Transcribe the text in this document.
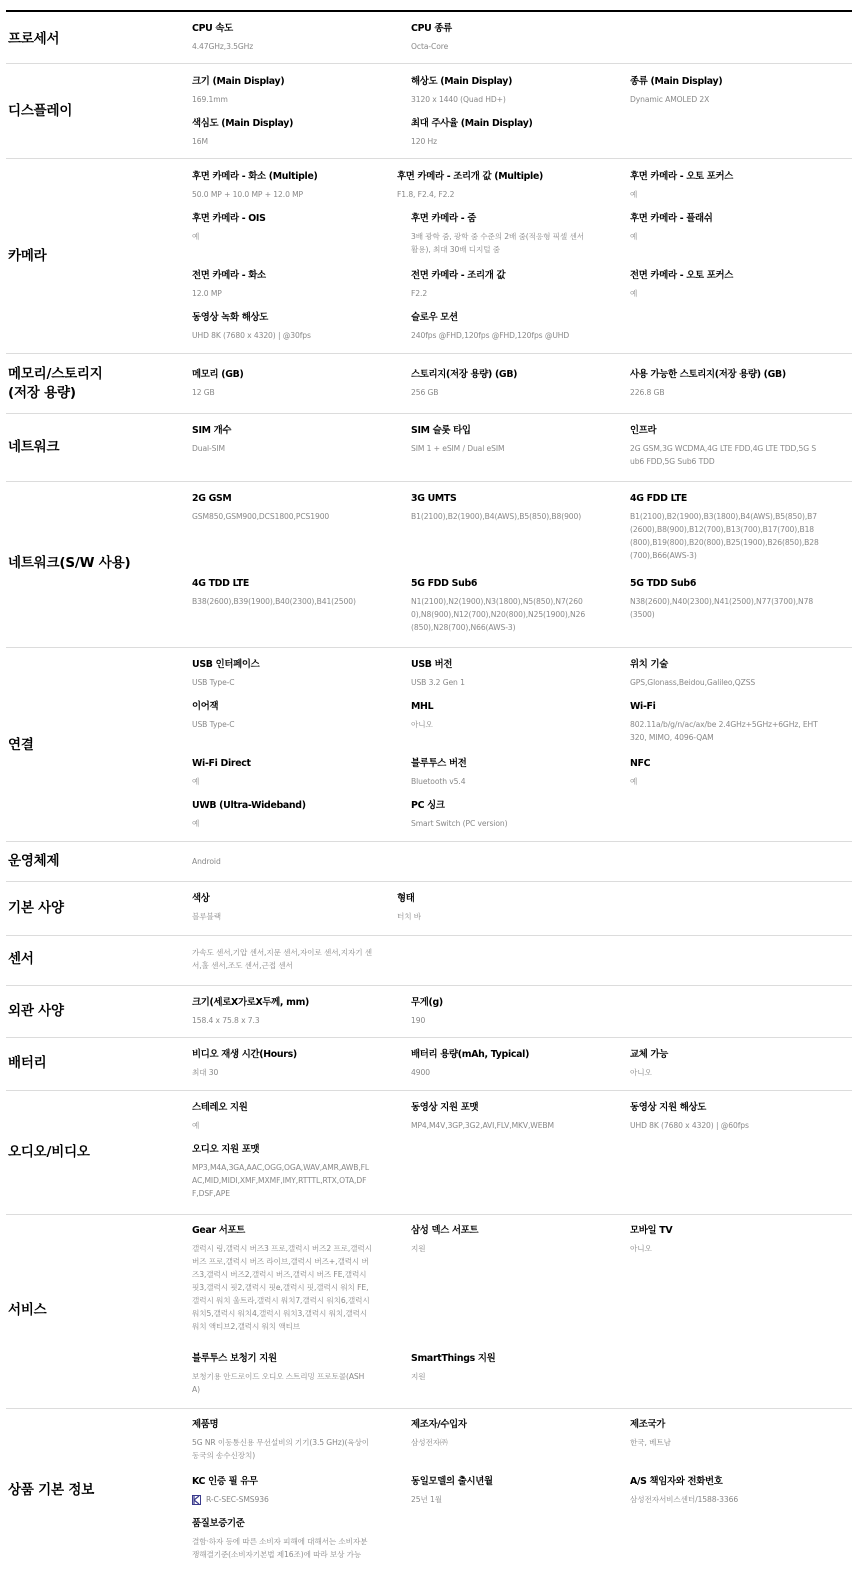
프로세서
CPU 속도
4.47GHz,3.5GHz
CPU 종류
Octa-Core
디스플레이
크기 (Main Display)
169.1mm
해상도 (Main Display)
3120 x 1440 (Quad HD+)
종류 (Main Display)
Dynamic AMOLED 2X
색심도 (Main Display)
16M
최대 주사율 (Main Display)
120 Hz
카메라
후면 카메라 - 화소 (Multiple)
50.0 MP + 10.0 MP + 12.0 MP
후면 카메라 - 조리개 값 (Multiple)
F1.8, F2.4, F2.2
후면 카메라 - 오토 포커스
예
후면 카메라 - OIS
예
후면 카메라 - 줌
3배 광학 줌, 광학 줌 수준의 2배 줌(적응형 픽셀 센서 활용), 최대 30배 디지털 줌
후면 카메라 - 플래쉬
예
전면 카메라 - 화소
12.0 MP
전면 카메라 - 조리개 값
F2.2
전면 카메라 - 오토 포커스
예
동영상 녹화 해상도
UHD 8K (7680 x 4320) | @30fps
슬로우 모션
240fps @FHD,120fps @FHD,120fps @UHD
메모리/스토리지
(저장 용량)
메모리 (GB)
12 GB
스토리지(저장 용량) (GB)
256 GB
사용 가능한 스토리지(저장 용량) (GB)
226.8 GB
네트워크
SIM 개수
Dual-SIM
SIM 슬롯 타입
SIM 1 + eSIM / Dual eSIM
인프라
2G GSM,3G WCDMA,4G LTE FDD,4G LTE TDD,5G Sub6 FDD,5G Sub6 TDD
네트워크(S/W 사용)
2G GSM
GSM850,GSM900,DCS1800,PCS1900
3G UMTS
B1(2100),B2(1900),B4(AWS),B5(850),B8(900)
4G FDD LTE
B1(2100),B2(1900),B3(1800),B4(AWS),B5(850),B7(2600),B8(900),B12(700),B13(700),B17(700),B18(800),B19(800),B20(800),B25(1900),B26(850),B28(700),B66(AWS-3)
4G TDD LTE
B38(2600),B39(1900),B40(2300),B41(2500)
5G FDD Sub6
N1(2100),N2(1900),N3(1800),N5(850),N7(2600),N8(900),N12(700),N20(800),N25(1900),N26(850),N28(700),N66(AWS-3)
5G TDD Sub6
N38(2600),N40(2300),N41(2500),N77(3700),N78(3500)
연결
USB 인터페이스
USB Type-C
USB 버전
USB 3.2 Gen 1
위치 기술
GPS,Glonass,Beidou,Galileo,QZSS
이어잭
USB Type-C
MHL
아니오
Wi-Fi
802.11a/b/g/n/ac/ax/be 2.4GHz+5GHz+6GHz, EHT320, MIMO, 4096-QAM
Wi-Fi Direct
예
블루투스 버전
Bluetooth v5.4
NFC
예
UWB (Ultra-Wideband)
예
PC 싱크
Smart Switch (PC version)
운영체제	Android
기본 사양
색상
블루블랙
형태
터치 바
센서	가속도 센서,기압 센서,지문 센서,자이로 센서,지자기 센서,홀 센서,조도 센서,근접 센서
외관 사양
크기(세로X가로X두께, mm)
158.4 x 75.8 x 7.3
무게(g)
190
배터리
비디오 재생 시간(Hours)
최대 30
배터리 용량(mAh, Typical)
4900
교체 가능
아니오
오디오/비디오
스테레오 지원
예
동영상 지원 포맷
MP4,M4V,3GP,3G2,AVI,FLV,MKV,WEBM
동영상 지원 해상도
UHD 8K (7680 x 4320) | @60fps
오디오 지원 포맷
MP3,M4A,3GA,AAC,OGG,OGA,WAV,AMR,AWB,FLAC,MID,MIDI,XMF,MXMF,IMY,RTTTL,RTX,OTA,DFF,DSF,APE
서비스
Gear 서포트
갤럭시 링,갤럭시 버즈3 프로,갤럭시 버즈2 프로,갤럭시 버즈 프로,갤럭시 버즈 라이브,갤럭시 버즈+,갤럭시 버즈3,갤럭시 버즈2,갤럭시 버즈,갤럭시 버즈 FE,갤럭시 핏3,갤럭시 핏2,갤럭시 핏e,갤럭시 핏,갤럭시 워치 FE,갤럭시 워치 울트라,갤럭시 워치7,갤럭시 워치6,갤럭시 워치5,갤럭시 워치4,갤럭시 워치3,갤럭시 워치,갤럭시 워치 액티브2,갤럭시 워치 액티브
삼성 덱스 서포트
지원
모바일 TV
아니오
블루투스 보청기 지원
보청기용 안드로이드 오디오 스트리밍 프로토콜(ASHA)
SmartThings 지원
지원
상품 기본 정보
제품명
5G NR 이동통신용 무선설비의 기기(3.5 GHz)(육상이동국의 송수신장치)
제조자/수입자
삼성전자㈜
제조국가
한국, 베트남
KC 인증 필 유무
R-C-SEC-SMS936
동일모델의 출시년월
25년 1월
A/S 책임자와 전화번호
삼성전자서비스센터/1588-3366
품질보증기준
결함·하자 등에 따른 소비자 피해에 대해서는 소비자분쟁해결기준(소비자기본법 제16조)에 따라 보상 가능
